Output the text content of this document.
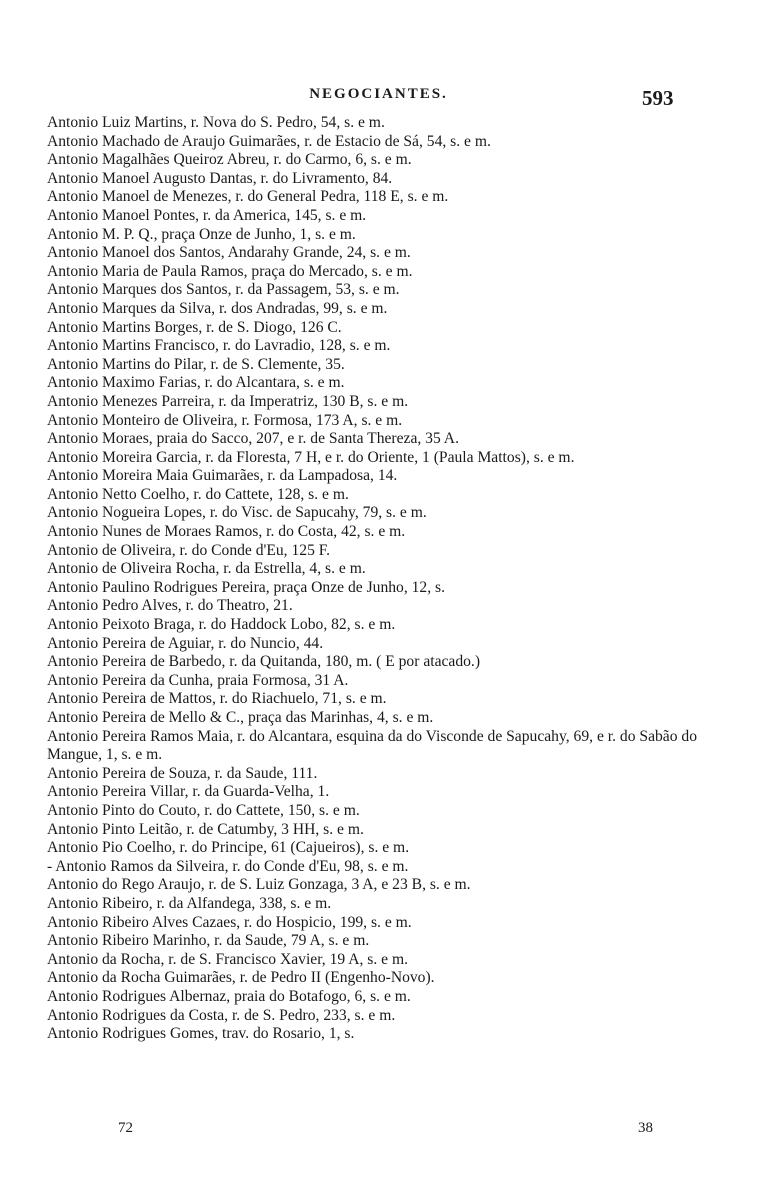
NEGOCIANTES.	593
Antonio Luiz Martins, r. Nova do S. Pedro, 54, s. e m.
Antonio Machado de Araujo Guimarães, r. de Estacio de Sá, 54, s. e m.
Antonio Magalhães Queiroz Abreu, r. do Carmo, 6, s. e m.
Antonio Manoel Augusto Dantas, r. do Livramento, 84.
Antonio Manoel de Menezes, r. do General Pedra, 118 E, s. e m.
Antonio Manoel Pontes, r. da America, 145, s. e m.
Antonio M. P. Q., praça Onze de Junho, 1, s. e m.
Antonio Manoel dos Santos, Andarahy Grande, 24, s. e m.
Antonio Maria de Paula Ramos, praça do Mercado, s. e m.
Antonio Marques dos Santos, r. da Passagem, 53, s. e m.
Antonio Marques da Silva, r. dos Andradas, 99, s. e m.
Antonio Martins Borges, r. de S. Diogo, 126 C.
Antonio Martins Francisco, r. do Lavradio, 128, s. e m.
Antonio Martins do Pilar, r. de S. Clemente, 35.
Antonio Maximo Farias, r. do Alcantara, s. e m.
Antonio Menezes Parreira, r. da Imperatriz, 130 B, s. e m.
Antonio Monteiro de Oliveira, r. Formosa, 173 A, s. e m.
Antonio Moraes, praia do Sacco, 207, e r. de Santa Thereza, 35 A.
Antonio Moreira Garcia, r. da Floresta, 7 H, e r. do Oriente, 1 (Paula Mattos), s. e m.
Antonio Moreira Maia Guimarães, r. da Lampadosa, 14.
Antonio Netto Coelho, r. do Cattete, 128, s. e m.
Antonio Nogueira Lopes, r. do Visc. de Sapucahy, 79, s. e m.
Antonio Nunes de Moraes Ramos, r. do Costa, 42, s. e m.
Antonio de Oliveira, r. do Conde d'Eu, 125 F.
Antonio de Oliveira Rocha, r. da Estrella, 4, s. e m.
Antonio Paulino Rodrigues Pereira, praça Onze de Junho, 12, s.
Antonio Pedro Alves, r. do Theatro, 21.
Antonio Peixoto Braga, r. do Haddock Lobo, 82, s. e m.
Antonio Pereira de Aguiar, r. do Nuncio, 44.
Antonio Pereira de Barbedo, r. da Quitanda, 180, m. ( E por atacado.)
Antonio Pereira da Cunha, praia Formosa, 31 A.
Antonio Pereira de Mattos, r. do Riachuelo, 71, s. e m.
Antonio Pereira de Mello & C., praça das Marinhas, 4, s. e m.
Antonio Pereira Ramos Maia, r. do Alcantara, esquina da do Visconde de Sapucahy, 69, e r. do Sabão do Mangue, 1, s. e m.
Antonio Pereira de Souza, r. da Saude, 111.
Antonio Pereira Villar, r. da Guarda-Velha, 1.
Antonio Pinto do Couto, r. do Cattete, 150, s. e m.
Antonio Pinto Leitão, r. de Catumby, 3 HH, s. e m.
Antonio Pio Coelho, r. do Principe, 61 (Cajueiros), s. e m.
- Antonio Ramos da Silveira, r. do Conde d'Eu, 98, s. e m.
Antonio do Rego Araujo, r. de S. Luiz Gonzaga, 3 A, e 23 B, s. e m.
Antonio Ribeiro, r. da Alfandega, 338, s. e m.
Antonio Ribeiro Alves Cazaes, r. do Hospicio, 199, s. e m.
Antonio Ribeiro Marinho, r. da Saude, 79 A, s. e m.
Antonio da Rocha, r. de S. Francisco Xavier, 19 A, s. e m.
Antonio da Rocha Guimarães, r. de Pedro II (Engenho-Novo).
Antonio Rodrigues Albernaz, praia do Botafogo, 6, s. e m.
Antonio Rodrigues da Costa, r. de S. Pedro, 233, s. e m.
Antonio Rodrigues Gomes, trav. do Rosario, 1, s.
72	38
